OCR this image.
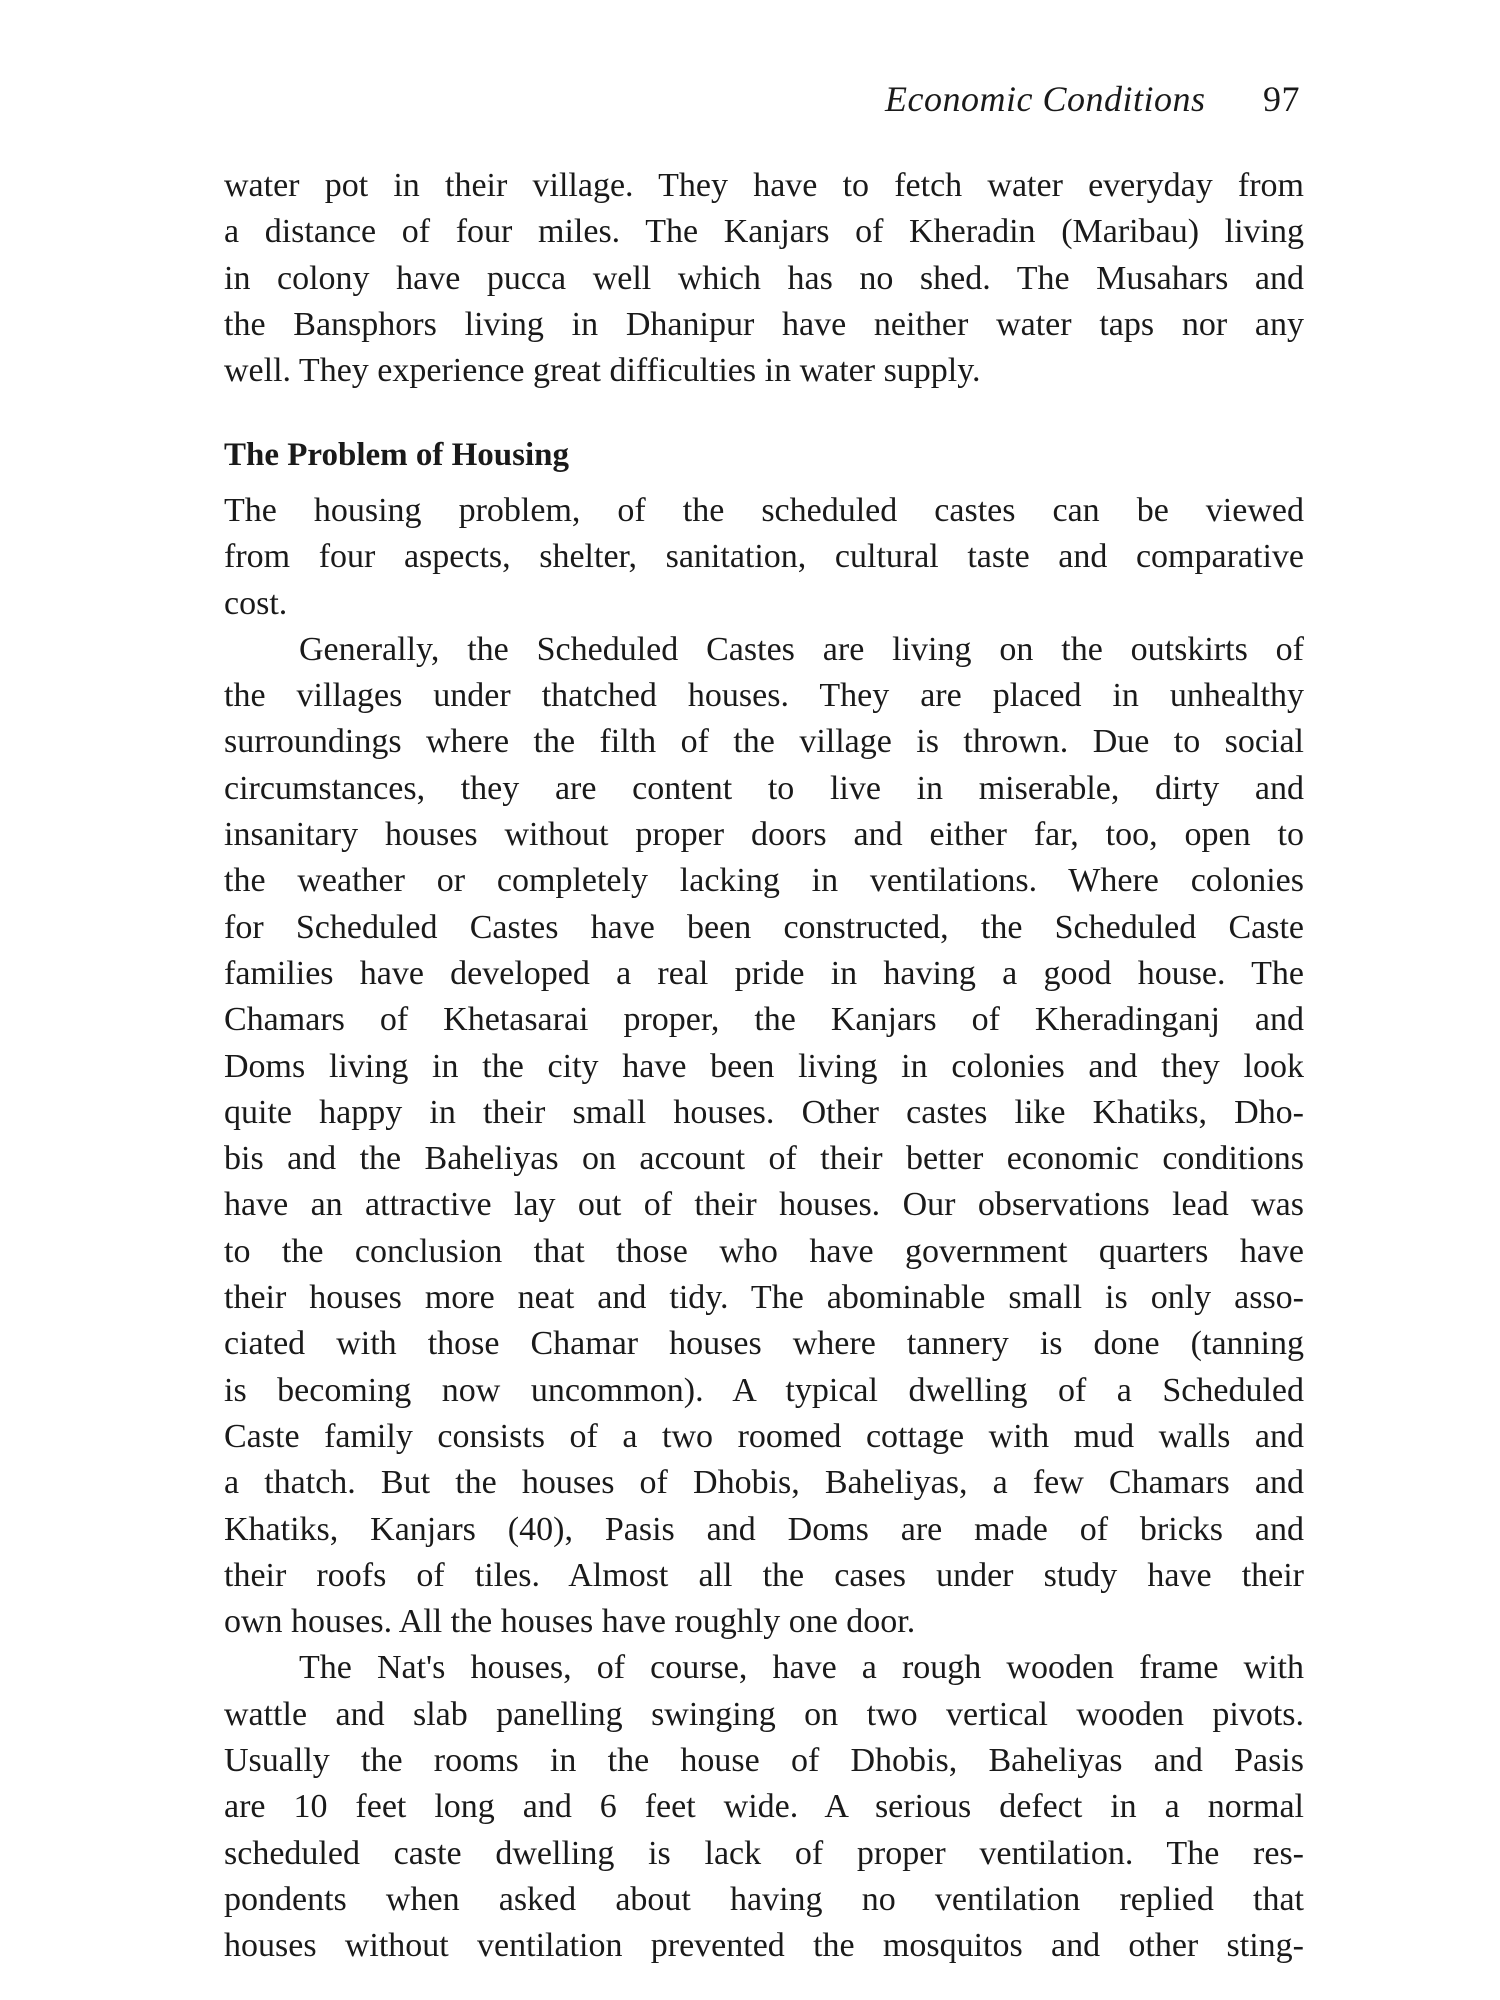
Economic Conditions 97
water pot in their village. They have to fetch water everyday from
a distance of four miles. The Kanjars of Kheradin (Maribau) living
in colony have pucca well which has no shed. The Musahars and
the Bansphors living in Dhanipur have neither water taps nor any
well. They experience great difficulties in water supply.
The Problem of Housing
The housing problem, of the scheduled castes can be viewed
from four aspects, shelter, sanitation, cultural taste and comparative
cost.
Generally, the Scheduled Castes are living on the outskirts of
the villages under thatched houses. They are placed in unhealthy
surroundings where the filth of the village is thrown. Due to social
circumstances, they are content to live in miserable, dirty and
insanitary houses without proper doors and either far, too, open to
the weather or completely lacking in ventilations. Where colonies
for Scheduled Castes have been constructed, the Scheduled Caste
families have developed a real pride in having a good house. The
Chamars of Khetasarai proper, the Kanjars of Kheradinganj and
Doms living in the city have been living in colonies and they look
quite happy in their small houses. Other castes like Khatiks, Dho-
bis and the Baheliyas on account of their better economic conditions
have an attractive lay out of their houses. Our observations lead was
to the conclusion that those who have government quarters have
their houses more neat and tidy. The abominable small is only asso-
ciated with those Chamar houses where tannery is done (tanning
is becoming now uncommon). A typical dwelling of a Scheduled
Caste family consists of a two roomed cottage with mud walls and
a thatch. But the houses of Dhobis, Baheliyas, a few Chamars and
Khatiks, Kanjars (40), Pasis and Doms are made of bricks and
their roofs of tiles. Almost all the cases under study have their
own houses. All the houses have roughly one door.
The Nat's houses, of course, have a rough wooden frame with
wattle and slab panelling swinging on two vertical wooden pivots.
Usually the rooms in the house of Dhobis, Baheliyas and Pasis
are 10 feet long and 6 feet wide. A serious defect in a normal
scheduled caste dwelling is lack of proper ventilation. The res-
pondents when asked about having no ventilation replied that
houses without ventilation prevented the mosquitos and other sting-
